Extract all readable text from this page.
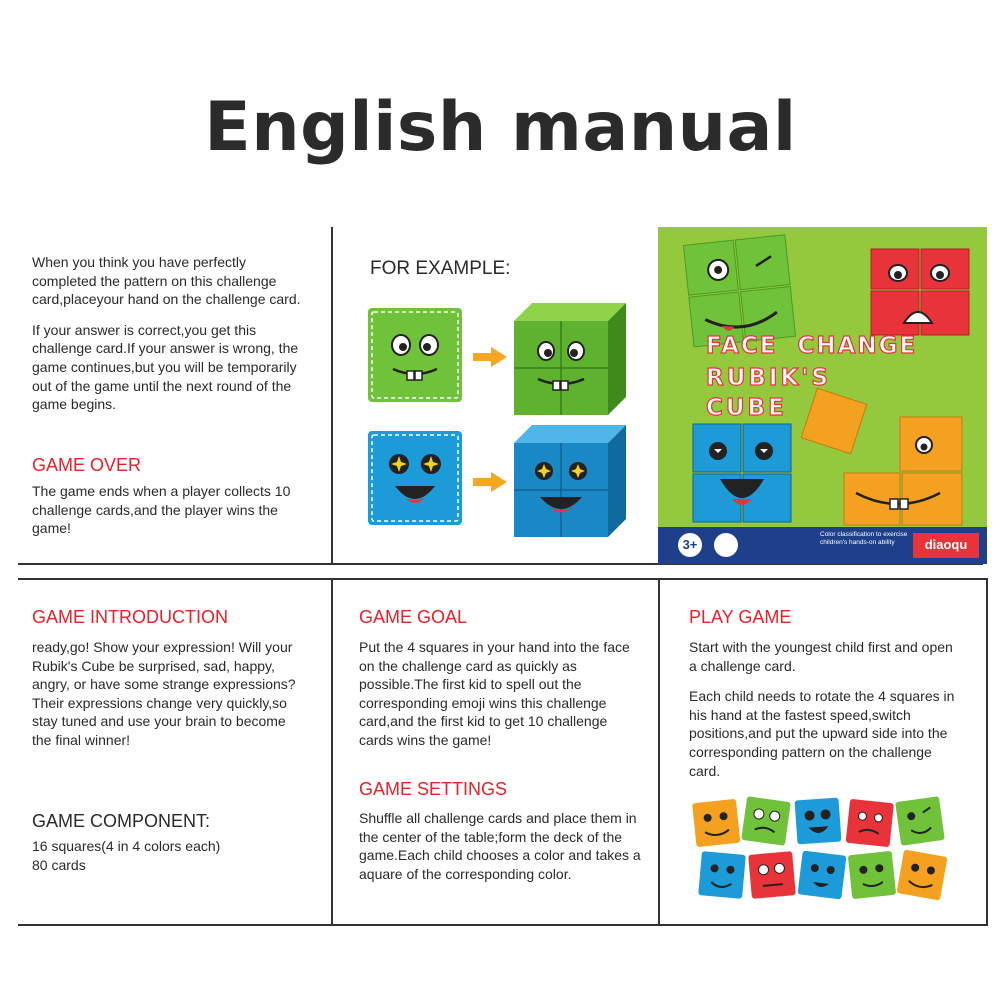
English manual

When you think you have perfectly completed the pattern on this challenge card,placeyour hand on the challenge card.

If your answer is correct,you get this challenge card.If your answer is wrong, the game continues,but you will be temporarily out of the game until the next round of the game begins.

GAME OVER
The game ends when a player collects 10 challenge cards,and the player wins the game!
FOR EXAMPLE:
FACE  CHANGE
RUBIK'S
CUBE
3+
Color classification to exercise children's hands-on ability	diaoqu
GAME INTRODUCTION
ready,go! Show your expression! Will your Rubik's Cube be surprised, sad, happy, angry, or have some strange expressions? Their expressions change very quickly,so stay tuned and use your brain to become the final winner!
GAME COMPONENT:
16 squares(4 in 4 colors each)
80 cards
GAME GOAL
Put the 4 squares in your hand into the face on the challenge card as quickly as possible.The first kid to spell out the corresponding emoji wins this challenge card,and the first kid to get 10 challenge cards wins the game!
GAME SETTINGS
Shuffle all challenge cards and place them in the center of the table;form the deck of the game.Each child chooses a color and takes a aquare of the corresponding color.
PLAY GAME

Start with the youngest child first and open a challenge card.

Each child needs to rotate the 4 squares in his hand at the fastest speed,switch positions,and put the upward side into the corresponding pattern on the challenge card.
